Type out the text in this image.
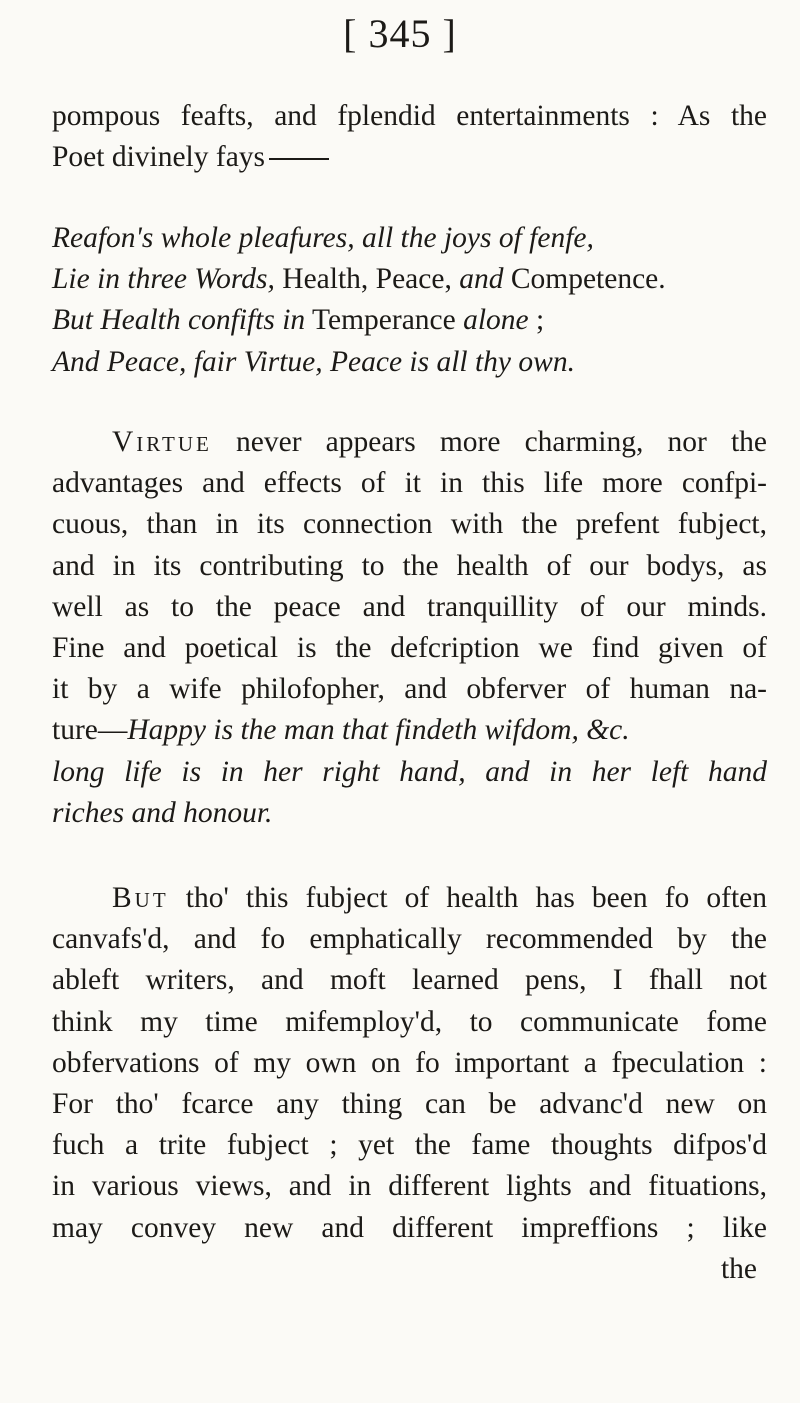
[ 345 ]
pompous feafts, and fplendid entertainments : As the
Poet divinely fays
Reafon's whole pleafures, all the joys of fenfe,
Lie in three Words, Health, Peace, and Competence.
But Health confifts in Temperance alone ;
And Peace, fair Virtue, Peace is all thy own.
Virtue never appears more charming, nor the
advantages and effects of it in this life more confpi-
cuous, than in its connection with the prefent fubject,
and in its contributing to the health of our bodys, as
well as to the peace and tranquillity of our minds.
Fine and poetical is the defcription we find given of
it by a wife philofopher, and obferver of human na-
ture—Happy is the man that findeth wifdom, &c.
long life is in her right hand, and in her left hand
riches and honour.
But tho' this fubject of health has been fo often
canvafs'd, and fo emphatically recommended by the
ableft writers, and moft learned pens, I fhall not
think my time mifemploy'd, to communicate fome
obfervations of my own on fo important a fpeculation :
For tho' fcarce any thing can be advanc'd new on
fuch a trite fubject ; yet the fame thoughts difpos'd
in various views, and in different lights and fituations,
may convey new and different impreffions ; like
the
